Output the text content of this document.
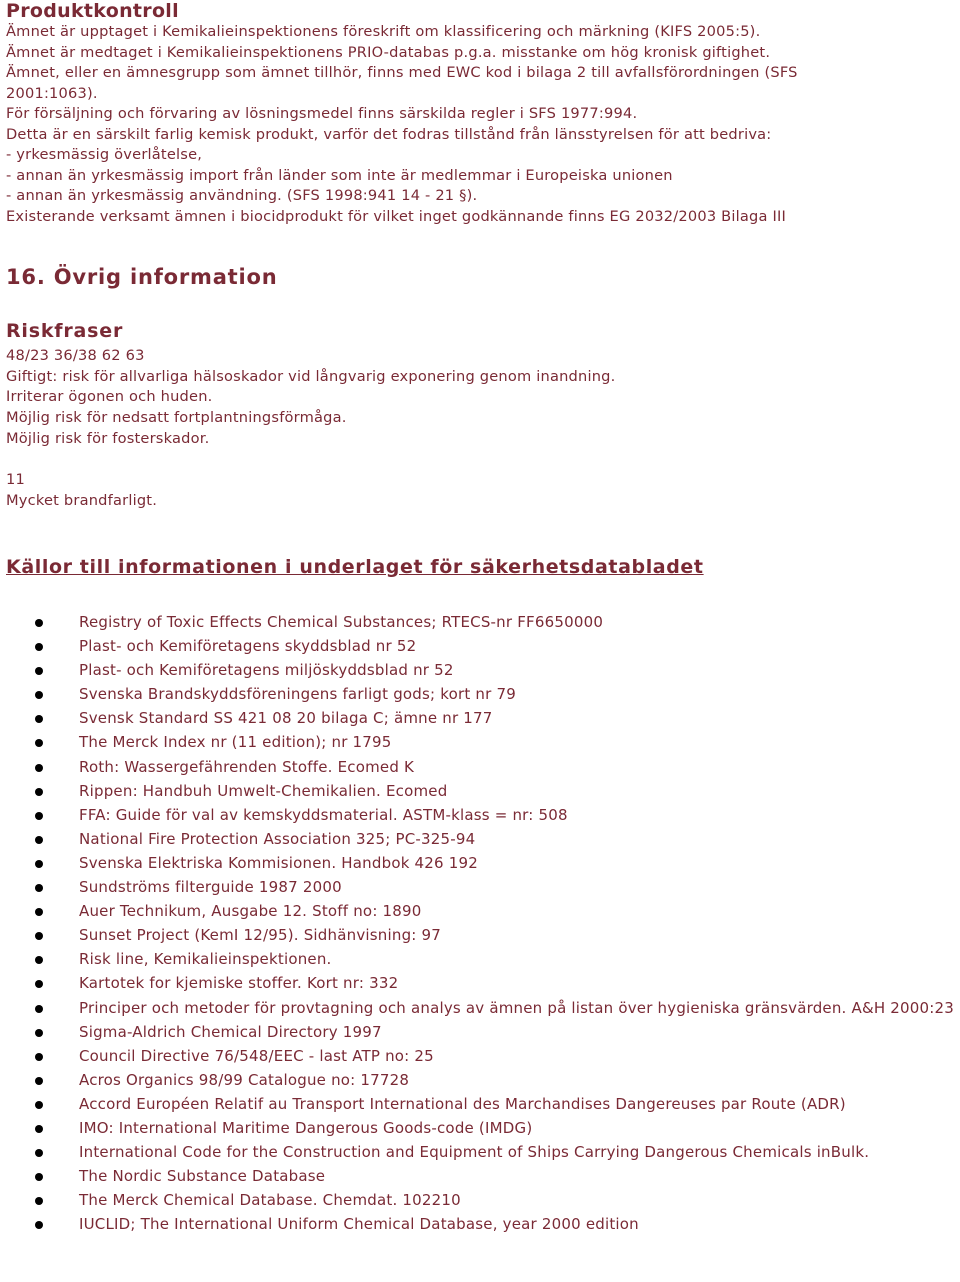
Produktkontroll

Ämnet är upptaget i Kemikalieinspektionens föreskrift om klassificering och märkning (KIFS 2005:5).

Ämnet är medtaget i Kemikalieinspektionens PRIO-databas p.g.a. misstanke om hög kronisk giftighet.

Ämnet, eller en ämnesgrupp som ämnet tillhör, finns med EWC kod i bilaga 2 till avfallsförordningen (SFS

2001:1063).

För försäljning och förvaring av lösningsmedel finns särskilda regler i SFS 1977:994.

Detta är en särskilt farlig kemisk produkt, varför det fodras tillstånd från länsstyrelsen för att bedriva:

- yrkesmässig överlåtelse,

- annan än yrkesmässig import från länder som inte är medlemmar i Europeiska unionen

- annan än yrkesmässig användning. (SFS 1998:941 14 - 21 §).

Existerande verksamt ämnen i biocidprodukt för vilket inget godkännande finns EG 2032/2003 Bilaga III

16. Övrig information
Riskfraser
48/23 36/38 62 63
Giftigt: risk för allvarliga hälsoskador vid långvarig exponering genom inandning.
Irriterar ögonen och huden.
Möjlig risk för nedsatt fortplantningsförmåga.
Möjlig risk för fosterskador.
11
Mycket brandfarligt.
Källor till informationen i underlaget för säkerhetsdatabladet
Registry of Toxic Effects Chemical Substances; RTECS-nr FF6650000
Plast- och Kemiföretagens skyddsblad nr 52
Plast- och Kemiföretagens miljöskyddsblad nr 52
Svenska Brandskyddsföreningens farligt gods; kort nr 79
Svensk Standard SS 421 08 20 bilaga C; ämne nr 177
The Merck Index nr (11 edition); nr 1795
Roth: Wassergefährenden Stoffe. Ecomed K
Rippen: Handbuh Umwelt-Chemikalien. Ecomed
FFA: Guide för val av kemskyddsmaterial. ASTM-klass = nr: 508
National Fire Protection Association 325; PC-325-94
Svenska Elektriska Kommisionen. Handbok 426 192
Sundströms filterguide 1987 2000
Auer Technikum, Ausgabe 12. Stoff no: 1890
Sunset Project (KemI 12/95). Sidhänvisning: 97
Risk line, Kemikalieinspektionen.
Kartotek for kjemiske stoffer. Kort nr: 332
Principer och metoder för provtagning och analys av ämnen på listan över hygieniska gränsvärden. A&H 2000:23
Sigma-Aldrich Chemical Directory 1997
Council Directive 76/548/EEC - last ATP no: 25
Acros Organics 98/99 Catalogue no: 17728
Accord Européen Relatif au Transport International des Marchandises Dangereuses par Route (ADR)
IMO: International Maritime Dangerous Goods-code (IMDG)
International Code for the Construction and Equipment of Ships Carrying Dangerous Chemicals inBulk.
The Nordic Substance Database
The Merck Chemical Database. Chemdat. 102210
IUCLID; The International Uniform Chemical Database, year 2000 edition
